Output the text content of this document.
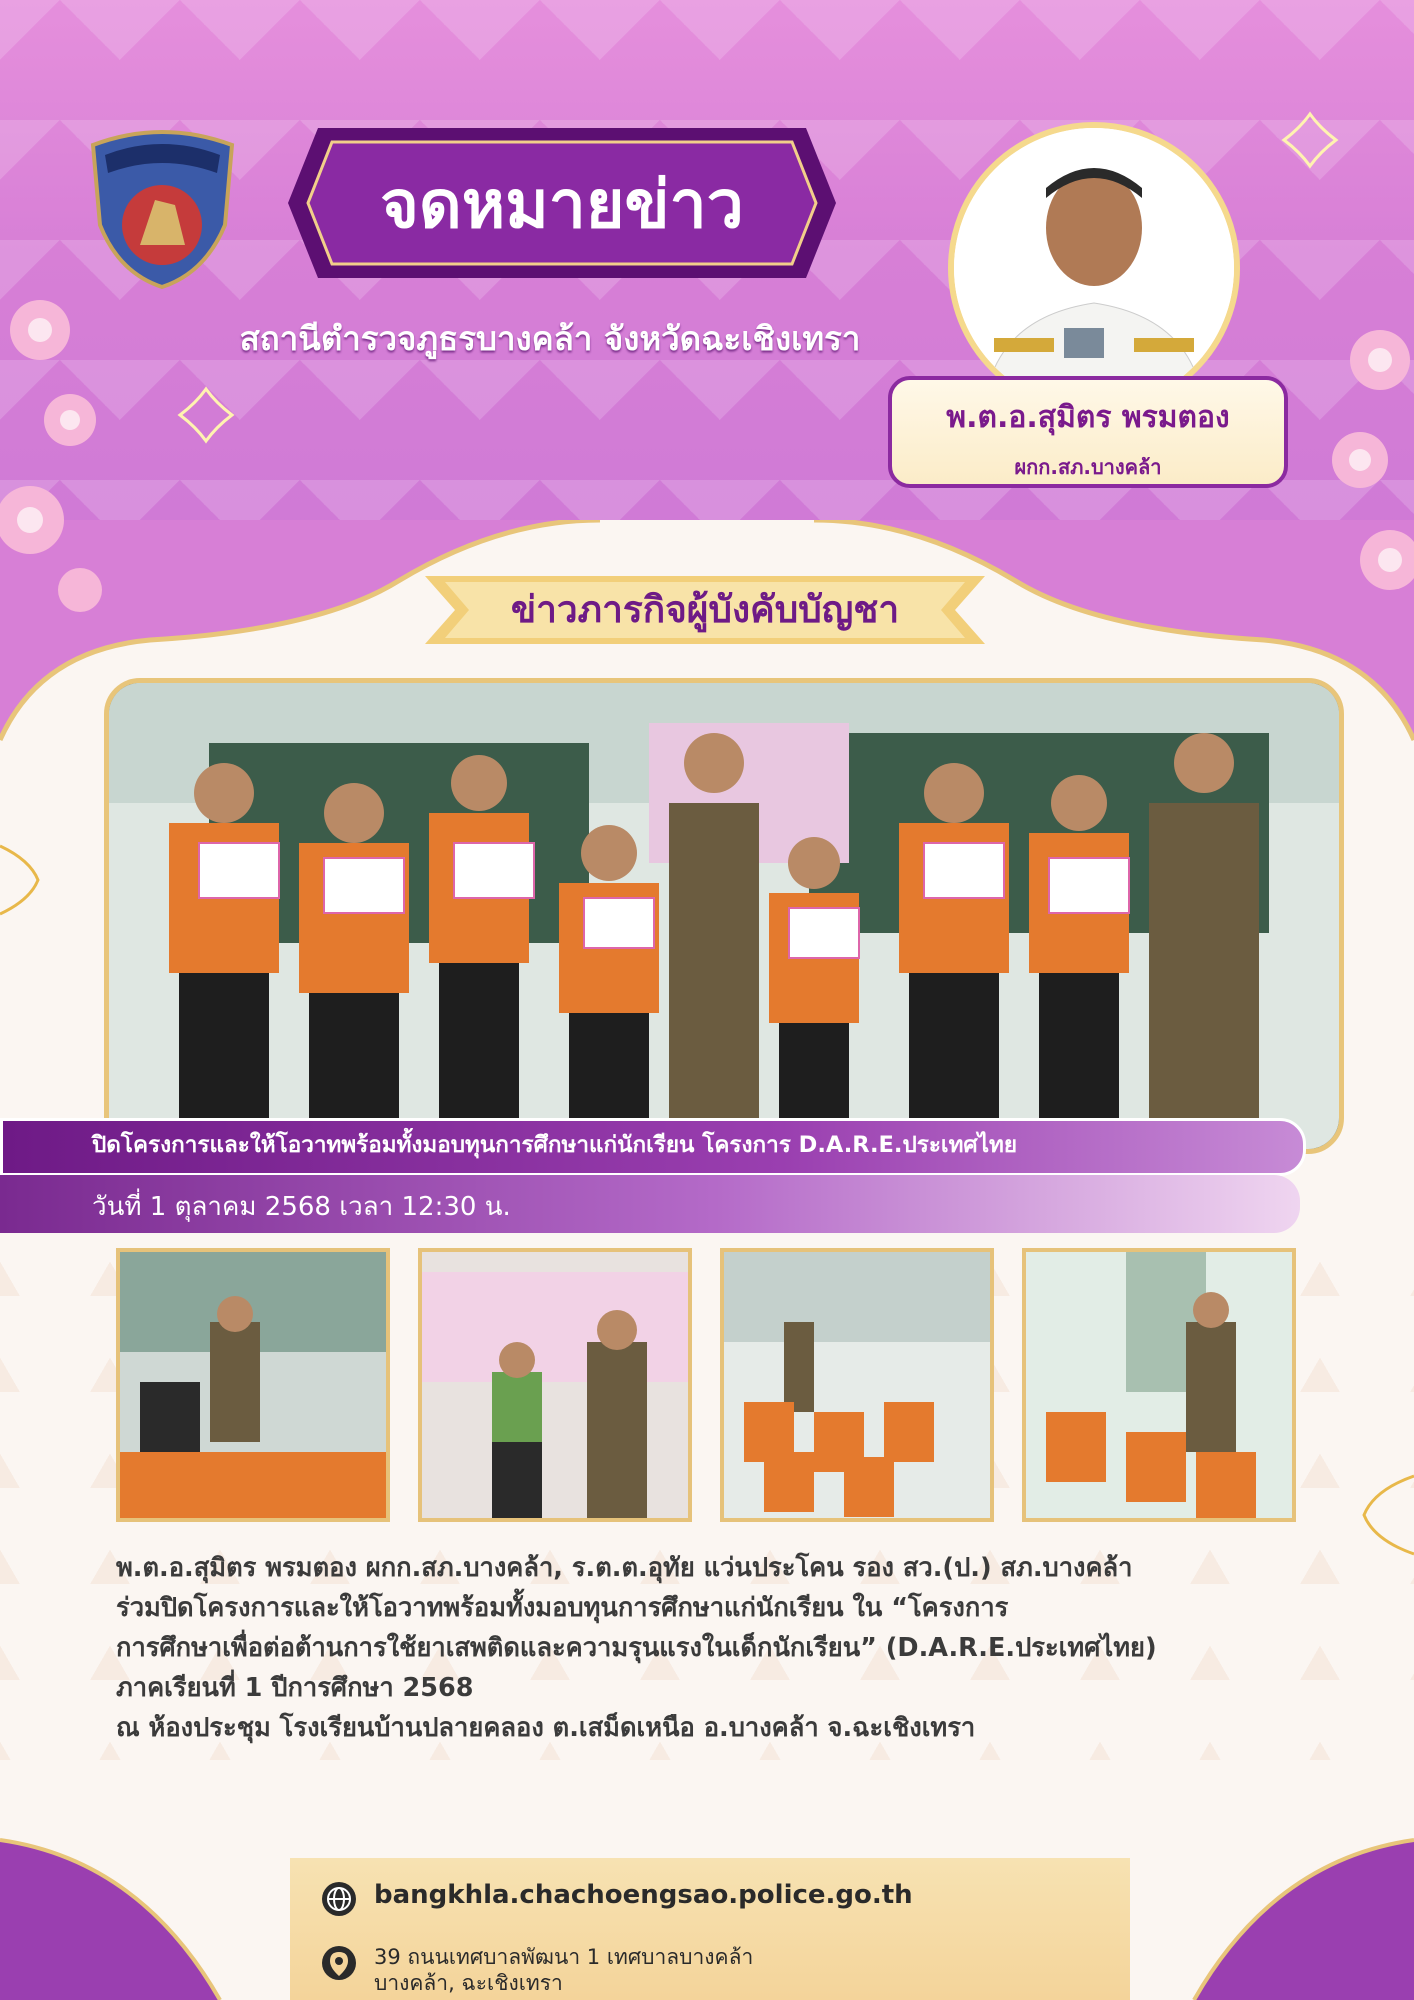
จดหมายข่าว
สถานีตำรวจภูธรบางคล้า จังหวัดฉะเชิงเทรา
พ.ต.อ.สุมิตร พรมตอง
ผกก.สภ.บางคล้า
ข่าวภารกิจผู้บังคับบัญชา
ปิดโครงการและให้โอวาทพร้อมทั้งมอบทุนการศึกษาแก่นักเรียน โครงการ D.A.R.E.ประเทศไทย
วันที่ 1 ตุลาคม 2568 เวลา 12:30 น.
พ.ต.อ.สุมิตร พรมตอง ผกก.สภ.บางคล้า, ร.ต.ต.อุทัย แว่นประโคน รอง สว.(ป.) สภ.บางคล้า
ร่วมปิดโครงการและให้โอวาทพร้อมทั้งมอบทุนการศึกษาแก่นักเรียน ใน “โครงการ
การศึกษาเพื่อต่อต้านการใช้ยาเสพติดและความรุนแรงในเด็กนักเรียน” (D.A.R.E.ประเทศไทย)
ภาคเรียนที่ 1 ปีการศึกษา 2568
ณ ห้องประชุม โรงเรียนบ้านปลายคลอง ต.เสม็ดเหนือ อ.บางคล้า จ.ฉะเชิงเทรา
bangkhla.chachoengsao.police.go.th
39 ถนนเทศบาลพัฒนา 1 เทศบาลบางคล้า
บางคล้า, ฉะเชิงเทรา
